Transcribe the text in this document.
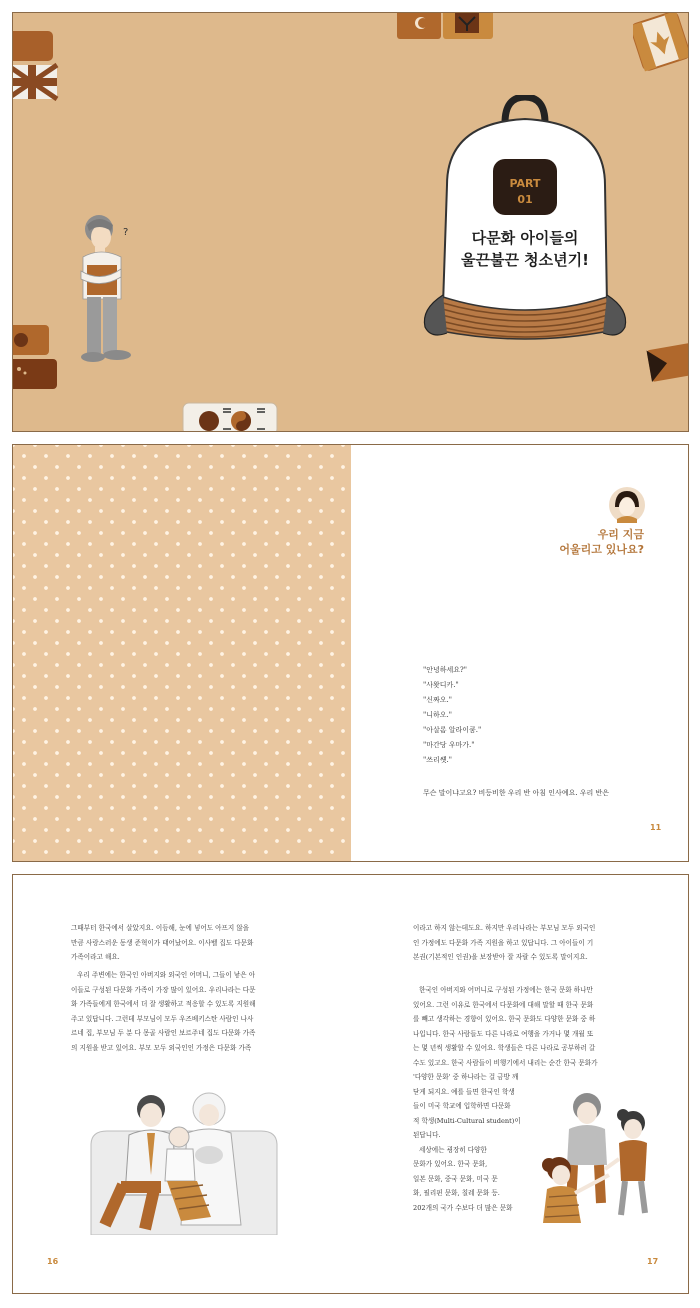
?
PART
01
다문화 아이들의
울끈불끈 청소년기!
우리 지금
어울리고 있나요?
"안녕하세요?"
"사왓디카."
"신짜오."
"니하오."
"아살롬 알라이쿰."
"마간당 우마가."
"쓰리썟."
무슨 말이냐고요? 비등비한 우리 반 아침 인사예요. 우리 반은
11
그때부터 한국에서 살았지요. 이듬해, 눈에 넣어도 아프지 않을
만큼 사랑스러운 동생 준혁이가 태어났어요. 이사벨 집도 다문화
가족이라고 해요.
우리 주변에는 한국인 아버지와 외국인 어머니, 그들이 낳은 아
이들로 구성된 다문화 가족이 가장 많이 있어요. 우리나라는 다문
화 가족들에게 한국에서 더 잘 생활하고 적응할 수 있도록 지원해
주고 있답니다. 그런데 부모님이 모두 우즈베키스탄 사람인 나사
르네 집, 부모님 두 분 다 몽골 사람인 보르주네 집도 다문화 가족
의 지원을 받고 있어요. 부모 모두 외국인인 가정은 다문화 가족
이라고 하지 않는데도요. 하지만 우리나라는 부모님 모두 외국인
인 가정에도 다문화 가족 지원을 하고 있답니다. 그 아이들이 기
본권(기본적인 인권)을 보장받아 잘 자랄 수 있도록 말이지요.
한국인 아버지와 어머니로 구성된 가정에는 한국 문화 하나만
있어요. 그런 이유로 한국에서 다문화에 대해 말할 때 한국 문화
를 빼고 생각하는 경향이 있어요. 한국 문화도 다양한 문화 중 하
나입니다. 한국 사람들도 다른 나라로 여행을 가거나 몇 개월 또
는 몇 년씩 생활할 수 있어요. 학생들은 다른 나라로 공부하러 갈
수도 있고요. 한국 사람들이 비행기에서 내리는 순간 한국 문화가
'다양한 문화' 중 하나라는 걸 금방 깨
닫게 되지요. 예를 들면 한국인 학생
들이 미국 학교에 입학하면 다문화
적 학생(Multi-Cultural student)이
된답니다.
세상에는 굉장히 다양한
문화가 있어요. 한국 문화,
일본 문화, 중국 문화, 미국 문
화, 필리핀 문화, 칠레 문화 등.
202개의 국가 수보다 더 많은 문화
16	17
